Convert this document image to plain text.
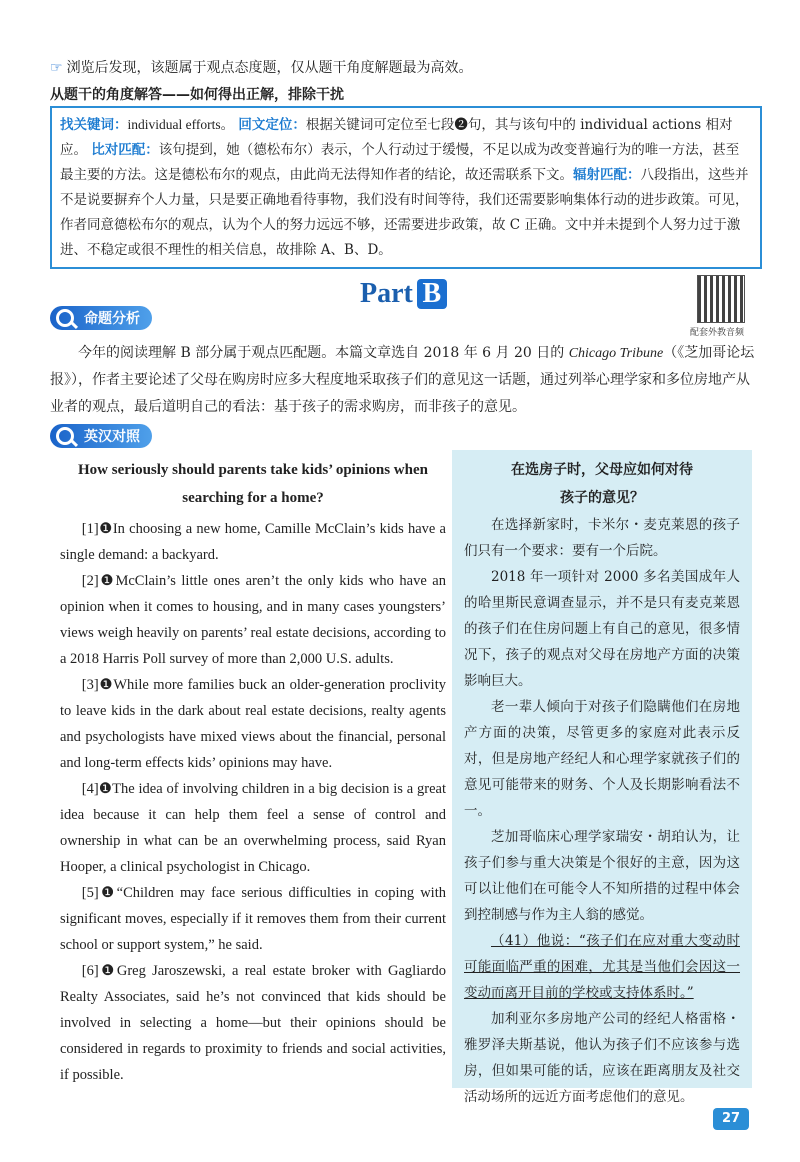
☞ 浏览后发现，该题属于观点态度题，仅从题干角度解题最为高效。
从题干的角度解答——如何得出正解，排除干扰
找关键词：individual efforts。 回文定位：根据关键词可定位至七段❷句，其与该句中的 individual actions 相对应。 比对匹配：该句提到，她（德松布尔）表示，个人行动过于缓慢，不足以成为改变普遍行为的唯一方法，甚至最主要的方法。这是德松布尔的观点，由此尚无法得知作者的结论，故还需联系下文。辐射匹配：八段指出，这些并不是说要摒弃个人力量，只是要正确地看待事物，我们没有时间等待，我们还需要影响集体行动的进步政策。可见，作者同意德松布尔的观点，认为个人的努力远远不够，还需要进步政策，故 C 正确。文中并未提到个人努力过于激进、不稳定或很不理性的相关信息，故排除 A、B、D。
Part B
配套外教音频
命题分析
今年的阅读理解 B 部分属于观点匹配题。本篇文章选自 2018 年 6 月 20 日的 Chicago Tribune（《芝加哥论坛报》），作者主要论述了父母在购房时应多大程度地采取孩子们的意见这一话题，通过列举心理学家和多位房地产从业者的观点，最后道明自己的看法：基于孩子的需求购房，而非孩子的意见。
英汉对照
How seriously should parents take kids’ opinions when searching for a home?

[1]❶In choosing a new home, Camille McClain’s kids have a single demand: a backyard.

[2]❶McClain’s little ones aren’t the only kids who have an opinion when it comes to housing, and in many cases youngsters’ views weigh heavily on parents’ real estate decisions, according to a 2018 Harris Poll survey of more than 2,000 U.S. adults.

[3]❶While more families buck an older-generation proclivity to leave kids in the dark about real estate decisions, realty agents and psychologists have mixed views about the financial, personal and long-term effects kids’ opinions may have.

[4]❶The idea of involving children in a big decision is a great idea because it can help them feel a sense of control and ownership in what can be an overwhelming process, said Ryan Hooper, a clinical psychologist in Chicago.

[5]❶“Children may face serious difficulties in coping with significant moves, especially if it removes them from their current school or support system,” he said.

[6]❶Greg Jaroszewski, a real estate broker with Gagliardo Realty Associates, said he’s not convinced that kids should be involved in selecting a home—but their opinions should be considered in regards to proximity to friends and social activities, if possible.

在选房子时，父母应如何对待
孩子的意见？

在选择新家时，卡米尔・麦克莱恩的孩子们只有一个要求：要有一个后院。

2018 年一项针对 2000 多名美国成年人的哈里斯民意调查显示，并不是只有麦克莱恩的孩子们在住房问题上有自己的意见，很多情况下，孩子的观点对父母在房地产方面的决策影响巨大。

老一辈人倾向于对孩子们隐瞒他们在房地产方面的决策，尽管更多的家庭对此表示反对，但是房地产经纪人和心理学家就孩子们的意见可能带来的财务、个人及长期影响看法不一。

芝加哥临床心理学家瑞安・胡珀认为，让孩子们参与重大决策是个很好的主意，因为这可以让他们在可能令人不知所措的过程中体会到控制感与作为主人翁的感觉。

（41）他说：“孩子们在应对重大变动时可能面临严重的困难，尤其是当他们会因这一变动而离开目前的学校或支持体系时。”

加利亚尔多房地产公司的经纪人格雷格・雅罗泽夫斯基说，他认为孩子们不应该参与选房，但如果可能的话，应该在距离朋友及社交活动场所的远近方面考虑他们的意见。

27
